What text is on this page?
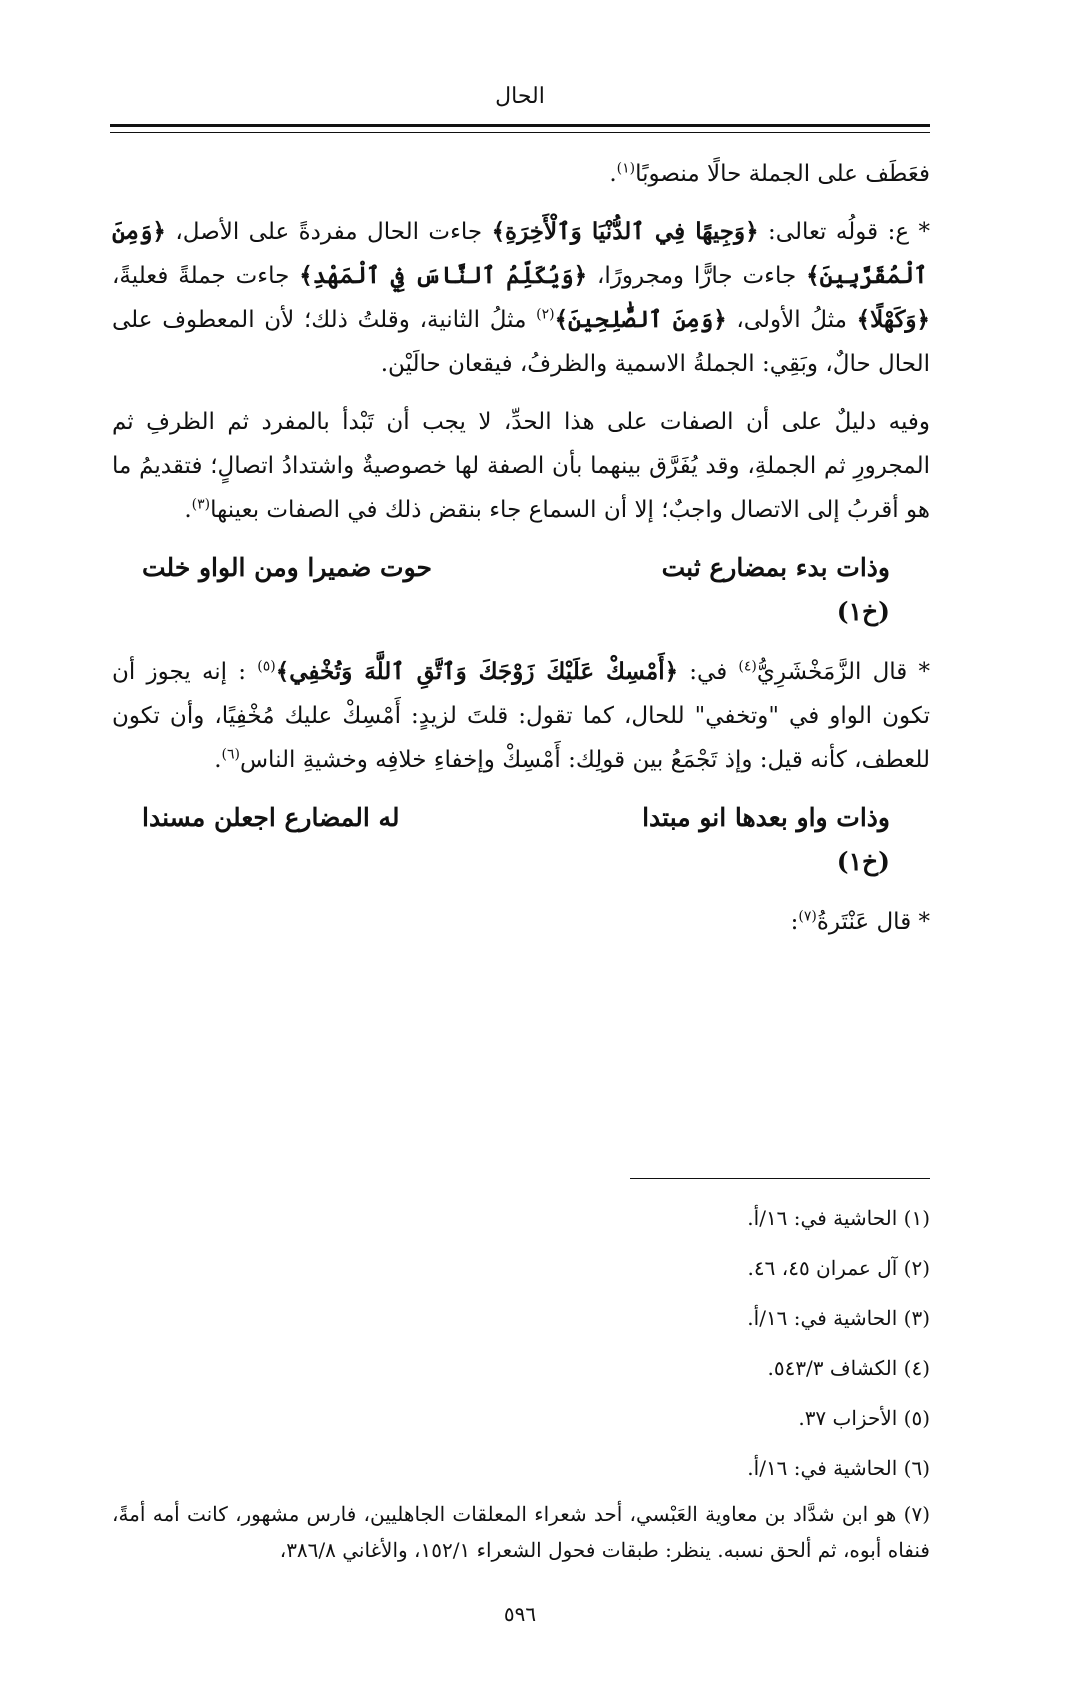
الحال

فعَطَف على الجملة حالًا منصوبًا$^{(١)}$.

* ع: قولُه تعالى: ﴿وَجِيهًا فِي ٱلدُّنْيَا وَٱلْأَخِرَةِ﴾ جاءت الحال مفردةً على الأصل، ﴿وَمِنَ ٱلْمُقَرَّبِينَ﴾ جاءت جارًّا ومجرورًا، ﴿وَيُكَلِّمُ ٱلنَّاسَ فِي ٱلْمَهْدِ﴾ جاءت جملةً فعليةً، ﴿وَكَهْلًا﴾ مثلُ الأولى، ﴿وَمِنَ ٱلصَّٰلِحِينَ﴾$^{(٢)}$ مثلُ الثانية، وقلتُ ذلك؛ لأن المعطوف على الحال حالٌ، وبَقِي: الجملةُ الاسمية والظرفُ، فيقعان حالَيْن.

وفيه دليلٌ على أن الصفات على هذا الحدِّ، لا يجب أن تَبْدأ بالمفرد ثم الظرفِ ثم المجرورِ ثم الجملةِ، وقد يُفَرَّق بينهما بأن الصفة لها خصوصيةٌ واشتدادُ اتصالٍ؛ فتقديمُ ما هو أقربُ إلى الاتصال واجبٌ؛ إلا أن السماع جاء بنقض ذلك في الصفات بعينها$^{(٣)}$.

وذات بدء بمضارع ثبت
حوت ضميرا ومن الواو خلت
(خ١)

* قال الزَّمَخْشَرِيُّ$^{(٤)}$ في: ﴿أَمْسِكْ عَلَيْكَ زَوْجَكَ وَٱتَّقِ ٱللَّهَ وَتُخْفِي﴾$^{(٥)}$ : إنه يجوز أن تكون الواو في "وتخفي" للحال، كما تقول: قلتَ لزيدٍ: أَمْسِكْ عليك مُخْفِيًا، وأن تكون للعطف، كأنه قيل: وإذ تَجْمَعُ بين قولِك: أَمْسِكْ وإخفاءِ خلافِه وخشيةِ الناس$^{(٦)}$.

وذات واو بعدها انو مبتدا
له المضارع اجعلن مسندا
(خ١)

* قال عَنْتَرةُ$^{(٧)}$:

(١) الحاشية في: ١٦/أ.
(٢) آل عمران ٤٥، ٤٦.
(٣) الحاشية في: ١٦/أ.
(٤) الكشاف ٥٤٣/٣.
(٥) الأحزاب ٣٧.
(٦) الحاشية في: ١٦/أ.
(٧) هو ابن شدَّاد بن معاوية العَبْسي، أحد شعراء المعلقات الجاهليين، فارس مشهور، كانت أمه أمةً، فنفاه أبوه، ثم ألحق نسبه. ينظر: طبقات فحول الشعراء ١٥٢/١، والأغاني ٣٨٦/٨،
٥٩٦
